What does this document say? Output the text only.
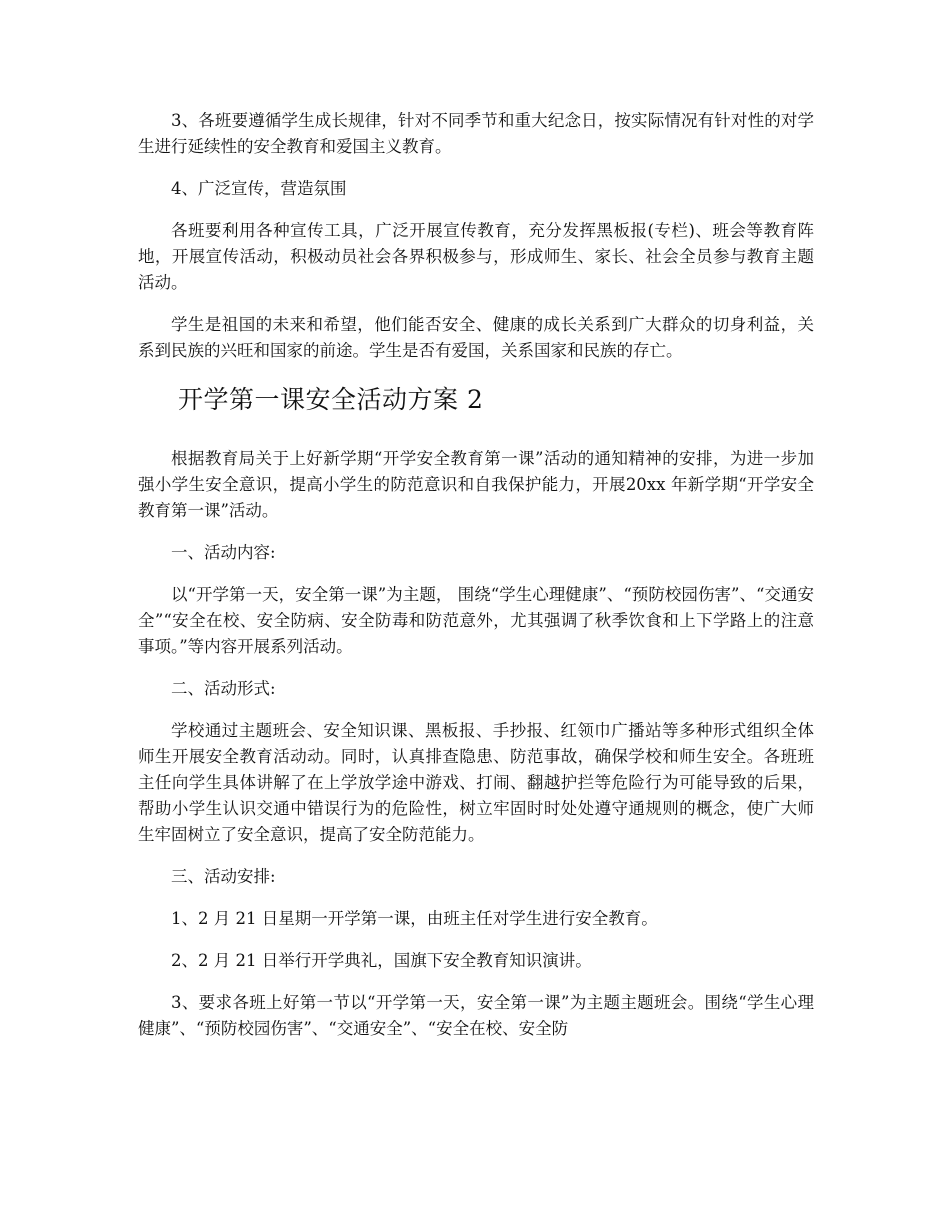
3、各班要遵循学生成长规律，针对不同季节和重大纪念日，按实际情况有针对性的对学生进行延续性的安全教育和爱国主义教育。

4、广泛宣传，营造氛围

各班要利用各种宣传工具，广泛开展宣传教育，充分发挥黑板报(专栏)、班会等教育阵地，开展宣传活动，积极动员社会各界积极参与，形成师生、家长、社会全员参与教育主题活动。

学生是祖国的未来和希望，他们能否安全、健康的成长关系到广大群众的切身利益，关系到民族的兴旺和国家的前途。学生是否有爱国，关系国家和民族的存亡。

开学第一课安全活动方案 2

根据教育局关于上好新学期“开学安全教育第一课”活动的通知精神的安排，为进一步加强小学生安全意识，提高小学生的防范意识和自我保护能力，开展20xx 年新学期“开学安全教育第一课”活动。

一、活动内容:

以“开学第一天，安全第一课”为主题， 围绕“学生心理健康”、“预防校园伤害”、“交通安全”“安全在校、安全防病、安全防毒和防范意外，尤其强调了秋季饮食和上下学路上的注意事项。”等内容开展系列活动。

二、活动形式:

学校通过主题班会、安全知识课、黑板报、手抄报、红领巾广播站等多种形式组织全体师生开展安全教育活动动。同时，认真排查隐患、防范事故，确保学校和师生安全。各班班主任向学生具体讲解了在上学放学途中游戏、打闹、翻越护拦等危险行为可能导致的后果，帮助小学生认识交通中错误行为的危险性，树立牢固时时处处遵守通规则的概念，使广大师生牢固树立了安全意识，提高了安全防范能力。

三、活动安排:

1、2 月 21 日星期一开学第一课，由班主任对学生进行安全教育。

2、2 月 21 日举行开学典礼，国旗下安全教育知识演讲。

3、要求各班上好第一节以“开学第一天，安全第一课”为主题主题班会。围绕“学生心理健康”、“预防校园伤害”、“交通安全”、“安全在校、安全防
